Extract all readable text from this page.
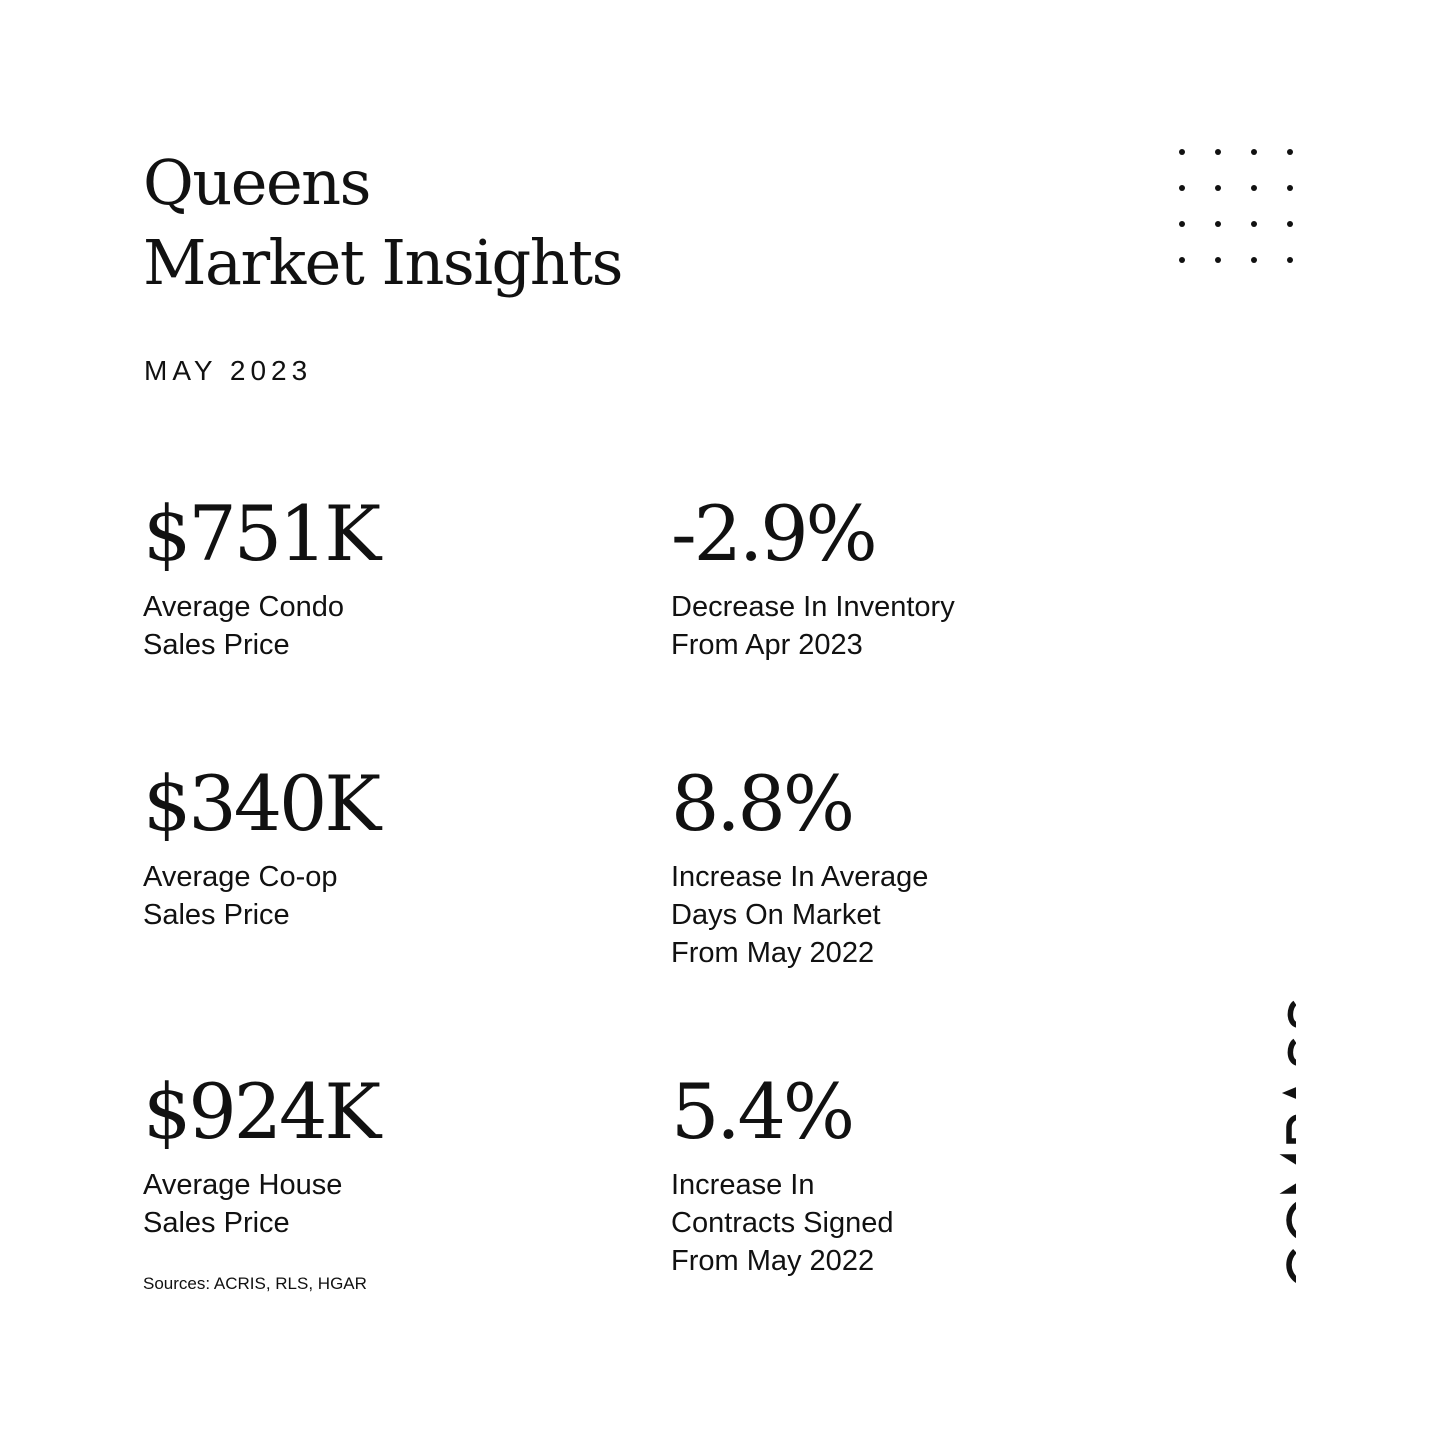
Queens
Market Insights
MAY 2023
$751K
Average Condo
Sales Price
-2.9%
Decrease In Inventory
From Apr 2023
$340K
Average Co-op
Sales Price
8.8%
Increase In Average
Days On Market
From May 2022
$924K
Average House
Sales Price
5.4%
Increase In
Contracts Signed
From May 2022
Sources: ACRIS, RLS, HGAR
